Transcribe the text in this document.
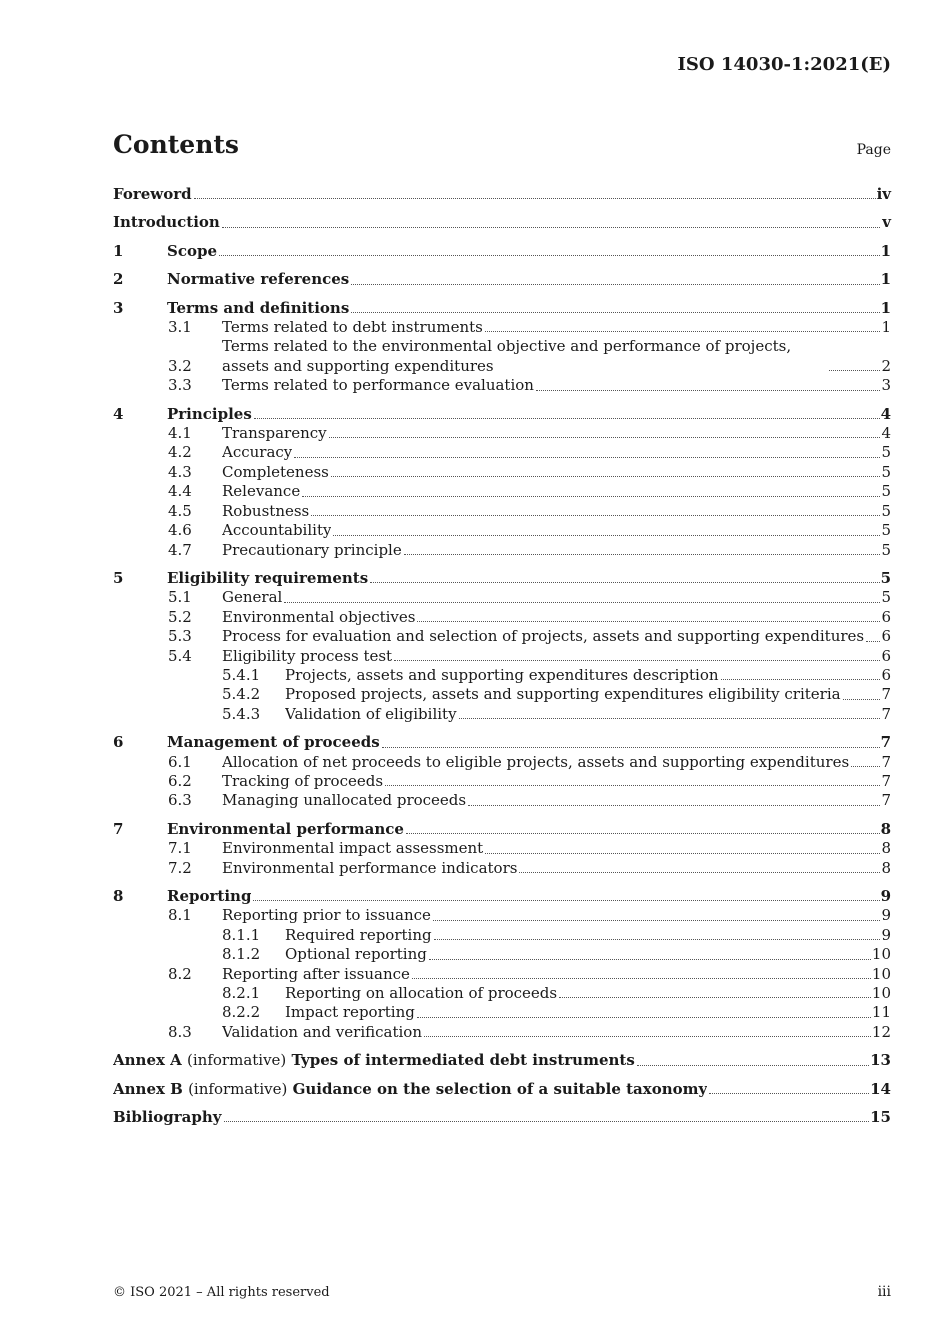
ISO 14030-1:2021(E)
Contents	Page
Foreword	iv
Introduction	v
1	Scope	1
2	Normative references	1
3	Terms and definitions	1
3.1	Terms related to debt instruments	1
3.2
Terms related to the environmental objective and performance of projects, assets and supporting expenditures	2
3.3	Terms related to performance evaluation	3
4	Principles	4
4.1	Transparency	4
4.2	Accuracy	5
4.3	Completeness	5
4.4	Relevance	5
4.5	Robustness	5
4.6	Accountability	5
4.7	Precautionary principle	5
5	Eligibility requirements	5
5.1	General	5
5.2	Environmental objectives	6
5.3	Process for evaluation and selection of projects, assets and supporting expenditures 6
5.4	Eligibility process test	6
5.4.1	Projects, assets and supporting expenditures description	6
5.4.2	Proposed projects, assets and supporting expenditures eligibility criteria	7
5.4.3	Validation of eligibility	7
6	Management of proceeds	7
6.1	Allocation of net proceeds to eligible projects, assets and supporting expenditures 7
6.2	Tracking of proceeds	7
6.3	Managing unallocated proceeds	7
7	Environmental performance	8
7.1	Environmental impact assessment	8
7.2	Environmental performance indicators	8
8	Reporting	9
8.1	Reporting prior to issuance	9
8.1.1	Required reporting	9
8.1.2	Optional reporting	10
8.2	Reporting after issuance	10
8.2.1	Reporting on allocation of proceeds	10
8.2.2	Impact reporting	11
8.3	Validation and verification	12
Annex A (informative) Types of intermediated debt instruments	13
Annex B (informative) Guidance on the selection of a suitable taxonomy	14
Bibliography	15
© ISO 2021 – All rights reserved	iii
